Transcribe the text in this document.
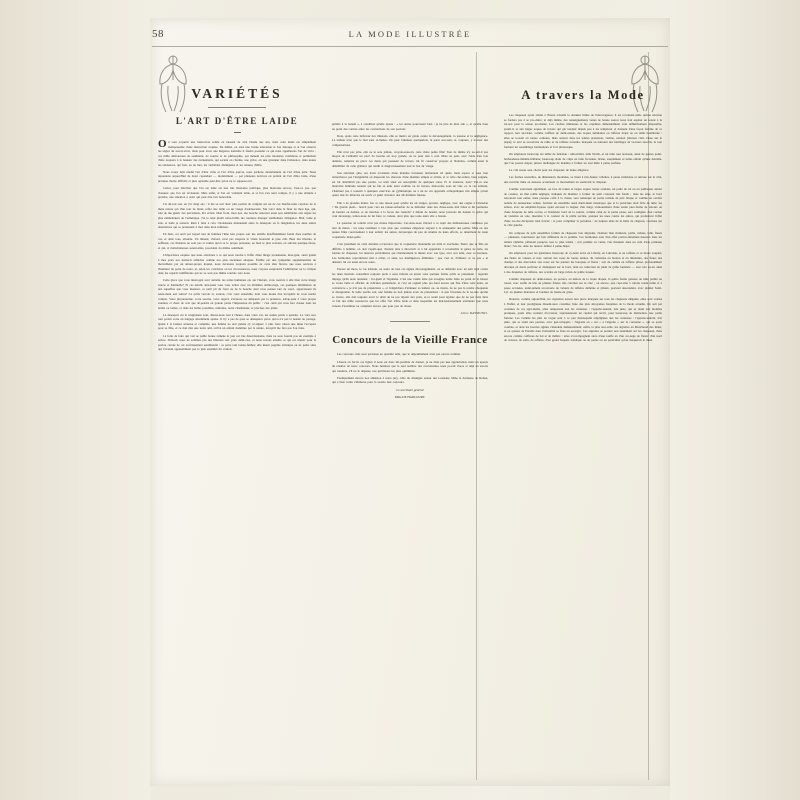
58	LA MODE ILLUSTRÉE
VARIÉTÉS
L'ART D'ÊTRE LAIDE

On veut acquérir une instruction solide en laissant de côté l'étude des arts, mais cette étude est simplement indispensable d'une instruction acquise. De même, on aura une bonne éducation si l'on manque et si l'on observe les règles du savoir-vivre, mais pour avoir une élégance naturelle il faudra posséder ce qui nous appellerons l'art de vivre : ces mille délicatesses de sentiment, de sourire et de philosophie, qui mènent les plus modestes conditions et permettent d'être toujours à la hauteur des événements, qui sortent en charme, une grâce, où une grandeur dans l'existence, dans toutes les existences, qui font, en un mot, les véritables distinguées et les natures d'élite.

Nous avons déjà étudié l'art d'être riche et l'art d'être pauvre, nous parlions dernièrement de l'art d'être jolie. Nous répondons aujourd'hui de doter cependant — modérément — par plusieurs lectrices en parlant de l'art d'être laide, d'une pratique moins difficile et plus agréable peut-être qu'on ne le suppose-rait.

Certes, pour détacher que l'on est laide est une très mauvaise politique, plus mauvaise encore, n'est-ce pas, que d'assurer que l'on est ravissante. Mais enfin, si l'on est vraiment laide, et si l'on s'en rend compte, il y a une attitude à prendre, une situation à créer qui peut être très honorable.

J'ai dit-toit aux, en j'ai vingt ans : il me se soit donc plus permis de compter sur un de ces bienfai-sants caprices de la mère nature qui d'un tour de main, reflet une taille ou un visage d'adolescente. Me voici dans la fleur de mon âge, qui, loin de me guérir des précédents, m'a éclaté. Mon front, mon nez, ma bouche resteront aussi peu semblables aux règles les plus élémentaires de l'esthétique. J'ai le teint plutôt terne-brillé, ma tournure manque visiblement d'élégance. Bref, laide je suis, et laide je resterai. Rien à faire à cela. Choisissons maintenant entre le désespoir ou la résignation, les deux autres alternatives qui se présentent à moi dans mon inférieur.

Eh bien, cet arrêt par lequel tant de femmes l'âme leur propre sort me semble insuffisamment fondé dans nombre de cas, et dans tous, absurde. Un mineur, d'abord, n'est pas toujours le vilain bourrelet le plus crût. Bien des libertés, et suffisant, ces illusions ne sont pas si vaines qu'on se le propre personne, en bien le plus souvent, en suivant quelque-chose, et qui, si maladroitesses soient-elles, procèdent du même sentiment.

L'importance exquise que nous attachons à ce qui nous touche à l'effet d'une image proustienne, élon-gant, aussi gaiété à mes yeux nos instincts réfléchis comme nos plus anciennes attaques. Établie par une sympathie supplémentaire un merveilleux par un amour-propre inquiet, nous devenons toujours possible de cette idée bizarre que nous serrions à l'intérieur du point de notre, et, selon les caractères ou les circonstances, nous croyons surprendre l'admiration ou la critique dans les regards indifférents qui ne se sont pas même tournés vers nous.

Cette glace que vous interrogez avec anxiété, les toiles humaines où, sur l'instant, vous rouvrez à elle bien votre image exacte et habituelle? Et ces détails anti-quels vous vous avilez avec un dixièmes taillée-nage, ces quelques millimètres de nez superflus que vous mesurez, ce petit pli du front ou de la bouche dont vous pensez tant de souci, apparaissent ils seule-ment aux autres? Ce qu'ils verront et, surtout, c'est votre ensemble, dont vous moins être incapable de vous rendre compte. Votre physionomie, votre sourire, votre regard, s'avancée ou délaperés par la présence, échap-pant à votre propre examen, et d'eux de cela que dé-pendra en grande partie l'impression du public : c'est celui qui vous fera classer dans les belles ou laides, et dans les belles possibles, nimoiles, notre charmantes, et précises des jolies.

Le désespoir est la résignation sont, disons-nous tout à l'heure, dans votre cas, les seules partis à prendre. La voix sera tout partait votre un langage absolument apaise. Il n'y a pas de quoi se désespérer parce qu'on n'a pas la beauté ou partage. Quant à la laideur sérieuse et complète, une femme ne doit jamais s'y ré-signer; à plus forte raison une mine l'accepter pour sa fille, et ce doit être une notre ami, ravivé un enfant dodelinte par la nature, lorsqu'il me fera pas l'ou faire.

La folie de faire qui voit se paille bonne ramène le jour est très désordonnante, mais ne sous fournit pas un exemple à suivre. D'abord, nous ne sommes pas des hôtesses aux yeux demi-clos, et nous savons ensuite ce qui est réussir pour la pauvre carnée de cet avertissement sentimental : sa perte tant bonne-faithes; elle meurt pagelée artistique en de petits sites qui l'avaient apparemment pas le plus essentiel du vouloir.

prêtôre à la beauté », à condition qu'elle ajoute : « les autres pourvoient bien : je ne pire de mon aile », et qu'elle base au point des contres entre les contractions de son pouvoir.

Dote, après cette défaveur des illusions, elle se mettra en garde contre le découragement, la paresse et la négligence. La laideur n'est que le mal sans re-mèdes. On peut l'atténuer quelquefois, la parer sou-vent, et, toujours, y trouver des compensations.

Elle n'est pas jolie, elle ne le sera jamais, croyons-nous-là, cette chère petite fille! Tout de même n'y au-rait-il pas moyen de l'embellir un peu? Sa bouche est trop grande, on ne peut rien à cela. Mais on peut, avec l'aide d'un bon dentiste, remettre en place ces dents qui poussent de travers, lui fit conserver propres et blanches, comme aussi la débabiliter de cette grimace qui tendit si disgracieusement tout le bas du visage.

Son extérieur gâte, ses traits accentués d'une manière factueuse deviennent tel quels, mais espace si sous n'en attrancheros pas l'irrégularité en disposant les cheveux d'une manière simple et artiste, et si cette che-velure, bien soignée, est lui dettembrit pas une parure. Le teint ainsi est susceptible de quelques soins. Et la tournure, donc! Est-ce une mauvaise habitude assurée qui ne fait se tenir ainsi courbée ou de travers, mais-reine sous un vint, et, le cas échéant, s'habituer pas à rosseàir à quelques exercices de gymnastique ou à un de ces appareils orthopédiques très simple qu'ont opéré tant de miracles un servir et guéri d'avance des dif-formités futures.

Elle a de grandes mains, fau ce une raison pour qu'elle les ait rouges, gercées, nègliges, avec des ongles à l'abandon ? De grands pieds... faut-il pour cela les laisser-enformer de se défermer dans des chaus-sures mal faites et lui permettre de heurter en dedans, et de marcher à la facon des canards? à défaut de beauté, nous pouvons lui donner la grâce qui vaut davantage, toâtes-nous de lui faire ce cadeau, dont plus que toute autre elle a besoin.

La question de toilette n'est pas moins importante. Car-dons-nous d'abord à ce sujet des malheureuses commises par tant de mères : les unes s'entêtent à voir plus que certaines élégances serpent à la plusieurité des petites filles en des jeunes filles convenament à leur enfant; les autres, décourages du peu de résultat de leurs efforts, se désarment de toute coquetterie mater-pelle.

C'est justement en cette dernière occurrence que la coquetterie maternelle est utile et touchante. Pierre que sa fille est difficile à habiller, on doit s'appli-quer d'autant plus à découvrir et à lui apprendre à reconnaître le genre de toile, les formes de chapeaux, les nuances particulières qui s'harmonisent le mieux avec son type, avec son teint, avec sa tournure. Les harmonies reproduiront mal à éclier, et ainsi, les intelligences féminines : que c'est et, d'ailleurs ce ne pas « le désastre lui est aussi encore noire.

Encore un moto, le cas échéant, on saura de tous ces signes découragemenls, on se défendra avec un sein égal contre les deux mauvais conseillers toujours prets à nous induire en erreur sous quelque forme qu'ils se présentent : regarder impage qu'ils nous tentaient : l'or-gueil et l'égoïsme. C'est une vanité folle qui aveugles noble laide au point de la laisser se croire belle et afficher de ridicules prétentions, et c'est un orgueil plus pro-fond encore qui fixe d'être cette autre, en convaincre « je n'ai pas de prétentions », et l'empêchera d'atténuer sa laideur ou, au moins, de ne pas la rendre choquante et désagréable. Si belle qu'elle soit, une femme ne doit jamais avoir de prétentions : si peu favorisée de la na-ture qu'elle se trouve, elle doit toujours avoir le désir de ne pas réjouir aux yeux, et-ce serait pour égoïste que de ne pas faire dans ce fait des mille ressources que lui offre l'art d'être laide et dans lesquelles les mal-heureusement extérieurs que nous venons d'examiner ne complent encore que pour peu de chose.

Aline RAYMOND.
Concours de la Vieille France

Les concours cités sont parvenus en quantité telle, que le dépouillement n'est pas encore terminé.

L'heure où j'écris ces lignes il nous est donc im-possible de donner, je ne dirai pas une appréciation, mais un aperçu du résultat de notre concours. Nous hésitons que le seul nombre des concurrentes nous pa-raît d'ores et déjà un succès qui rassiters, s'il ne le dépasse, nos prévisions les plus optimistes.

Exemptement encore nos adhésion à notre jury, celle du distingué auteur des Lusiades, Mme la duchesse de Rohan, qui a bien voulu s'immerse pour la recette leur concours.

Le secrétaire général
Mme DE HARCOURT.
A travers la Mode

Les chapeaux ayant attelai à l'heure actuelle la dernière limite de l'extravagance, il est reconnais-sable qu'une réaction se fordera pas à se pro-duire; et déjà même, des renseignements venus de bonne source nous font espérer un retour à la rai-son pour la saison prochaine. Les cloches immenses et les capelines démesurément vont définitivement disparaître, paraît-il, et aux larges toques de travers qui gar tendent depuis peu à les remplacer et donnent d'une façon fortuite de ce rapport, leur succéder, comme coiffure de demi-saison, des toques simulaires ou taffetas drapé ou en taille bouillonné : elles se te-nont en toutes couleurs, mais surtout dans les teintes grenaison, violine, nattarel (marron clair, bleue sur le jaspé); le tard se recouvrira de taille et de taffetas tornadio, marquée au naturant des feuillages de ve-lours assortis, le tout formant un assemblage harmonieux et fort pittoresque.

On emploiera beaucoup les tulles de fantaisie : tulle-mitlet, tulle Norils, et un tulle tout nouveau, aussi de genres point-bécheadeurs-mârièls-brillante; beaucoup étant de crêpe en tulle faconnée, brune, souplement et tulles enfant qu'ùne dentelle, que l'on pourra draper, plisser mellangée de maniére à former un tout mêle à peine parfaite.

Le crin nouss sera choisi pour les chapeaux de haute élégance.

Les formes nouvelles, de dimensions modérées, se tirent à très-hautes collettes, à passe extérieure et relevée sur le côté, une turvérie mine en dessous accentuant ce mouvement en soulevant le chapeau.

Comme souvenant agréément, on fera de toutes et larges toques toutes ronddes, un pollé de riz ou en paillassou autour de couture, en thut paillé négligée, indiquée de manière à former un petit croissant très fondu ; dans les sites, le bord retrouvait tout entier, mais presque collé à la cuisse, sera remarqué de partie ruilade de prix brique et comme en cerclée antérie de nuisserines velués, formant un ensemble aussi harm-ment monnayes que si la parriclure étoit ficle de tulle; les zèbres, avec un emplâtré-fayasse ayant envorée la larguer d'un doigt, s'entourément d'une toutte pure-forme de velours on d'une desperée de tulle accrée, et l'extérieur bord de la culotte, comme celui de la petite passe, sera soulignée d'un cordon de violettes en soie, insertées à la couleur de la paille secrète, prennes les unes contre les autres, qui produiront l'effet d'une ror-che décépotée bien foncée ; et pour compléter la parrulure : de loupres aîtes de la lame de chapeau, conclues sur le côté gauche.

On compose de jolis ensembles formés de chapeaux bon dégradés, chamois ôtée étamerés, paille, rubans, tulle, fleurs — plusieurs, lournissant qui font différente de la pomme. Ces harmonies sont d'un effet particu-lièrement heureux dans les teintes Ophélia, pâlissant jusqu'au rose le plus tendre ; vert pomme ou violet, l'un monnent dans un vent d'eau primaise blanc; l'au-tre, dans un nuance défunt à peine-bisjet.

On emploiera pour les garnitures beaucoup de cy-lauts noirs en Liberty, en Lutraisie, et en taffetas or et moire souples; des fleurs en voleurs et noir, surtout des roses de toutes teintes, du camonise en bouton et en miniature, des fleurs des champs et des marcadors aux roses sur les paniers les borsques et fleurs ; soit de ceillets en taffetas plissé, profondément découpé en dents profitrez et distinguent sur le bord, dont un collection en plein de grille fantaisie — tout cela en-tre ainsi à des draperies de taffetas, des scarabs en large ruban de paille tressée.

Comme chapeaux de demi-saison, en portera, en dehors de la toque drapée, la petite forme genoise ou tulle paillet ou tressé, avec toufle de tête de plumes frisées très colorées sur le côté ; on encore, que capo-tine à calotte ronde faille et à passe accusées, entiè-rement recouverte de velours de taffetas damérée et plissés, pouvant descendant, avec plumet Saint-Cyr en plumes manoires et bordées de lisette-de grise.

Donncis, comme aujourd'hui, les cigarettes auront leur place marquée sur tous les chapeaux élégants; elles sont voiries à l'infini, et leur prodigieuse dissem-ance constitue l'une des plus attrayantes fantaisies de la mode actuelle. On sait par certaines de ces agrè-ments, elles remportent aux les curieuses : l'appréte-teurent, très juste, qui se réuni aux modéles pratiques, quels elles seraient d'occasion, représenteront un capital qui servit, pour beaucoup de distinction, une petite fortune. Les variétés les plus en vogue sont à ce jour mannequint emplignées aux les curieuses : l'appréte-teurent, très juste, qui se réuni aux parures, avec gen-velopprie : l'aigrette en « sur » à l'aigrette « sur la couronne », qui se porte courbée, et dont les boucles rigides s'étendent démesurément; enfin, la plus nou-velle, les aigrettes en Marichoud des Indes, et en queues de Paradis dont l'extremité se frise en escargot. Ces aigrettes se portent non seulement sur les chapeaux, mais encore comme coiffures de bal et de théâtre : elles s'accompagnent alors d'une touffe en d'un cer-nage de fleurs: d'un nord de velours, de satin, de taffetas; d'un grand baquais artistique ou de perles ou en particulier qu'on maquerait le mien.
